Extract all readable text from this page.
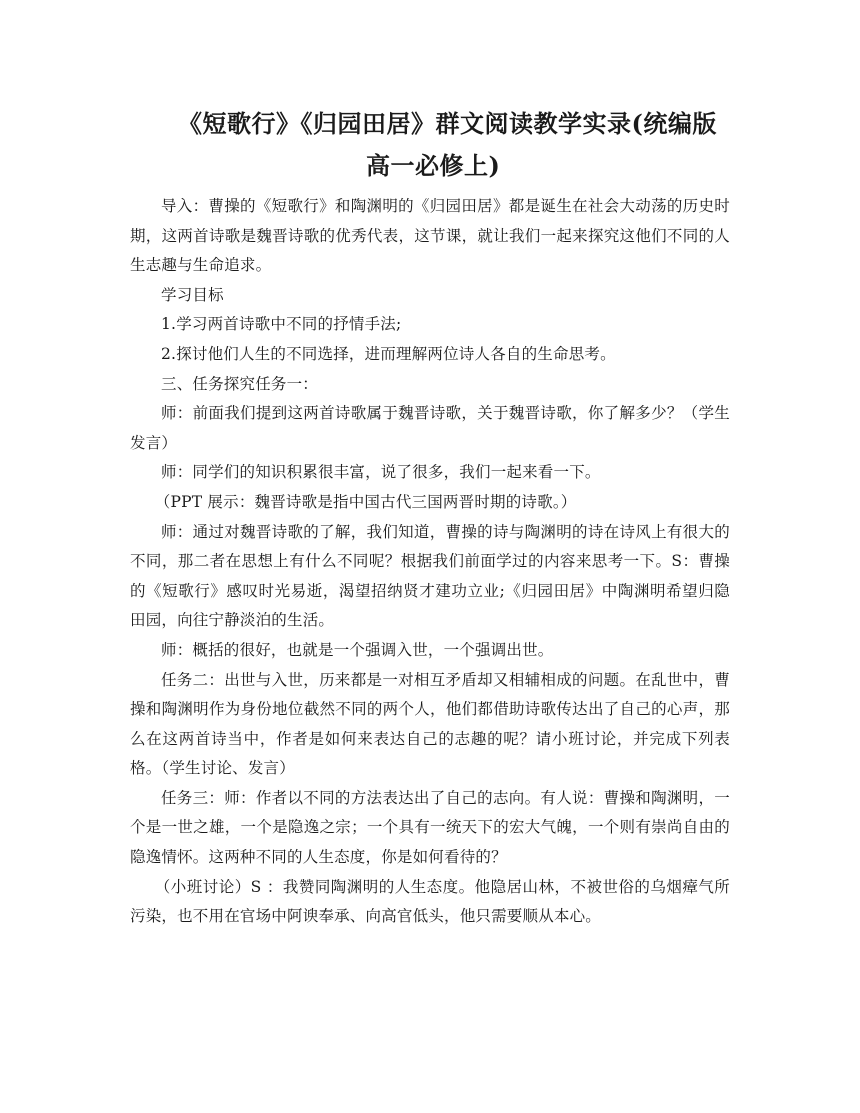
《短歌行》《归园田居》群文阅读教学实录(统编版
高一必修上)

导入：曹操的《短歌行》和陶渊明的《归园田居》都是诞生在社会大动荡的历史时期，这两首诗歌是魏晋诗歌的优秀代表，这节课，就让我们一起来探究这他们不同的人生志趣与生命追求。

学习目标

1.学习两首诗歌中不同的抒情手法;

2.探讨他们人生的不同选择，进而理解两位诗人各自的生命思考。

三、任务探究任务一：

师：前面我们提到这两首诗歌属于魏晋诗歌，关于魏晋诗歌，你了解多少？（学生发言）

师：同学们的知识积累很丰富，说了很多，我们一起来看一下。

（PPT 展示：魏晋诗歌是指中国古代三国两晋时期的诗歌。）

师：通过对魏晋诗歌的了解，我们知道，曹操的诗与陶渊明的诗在诗风上有很大的不同，那二者在思想上有什么不同呢？根据我们前面学过的内容来思考一下。S：曹操的《短歌行》感叹时光易逝，渴望招纳贤才建功立业;《归园田居》中陶渊明希望归隐田园，向往宁静淡泊的生活。

师：概括的很好，也就是一个强调入世，一个强调出世。

任务二：出世与入世，历来都是一对相互矛盾却又相辅相成的问题。在乱世中，曹操和陶渊明作为身份地位截然不同的两个人，他们都借助诗歌传达出了自己的心声，那么在这两首诗当中，作者是如何来表达自己的志趣的呢？请小班讨论，并完成下列表格。（学生讨论、发言）

任务三：师：作者以不同的方法表达出了自己的志向。有人说：曹操和陶渊明，一个是一世之雄，一个是隐逸之宗；一个具有一统天下的宏大气魄，一个则有崇尚自由的隐逸情怀。这两种不同的人生态度，你是如何看待的？

（小班讨论）S ：我赞同陶渊明的人生态度。他隐居山林，不被世俗的乌烟瘴气所污染，也不用在官场中阿谀奉承、向高官低头，他只需要顺从本心。
